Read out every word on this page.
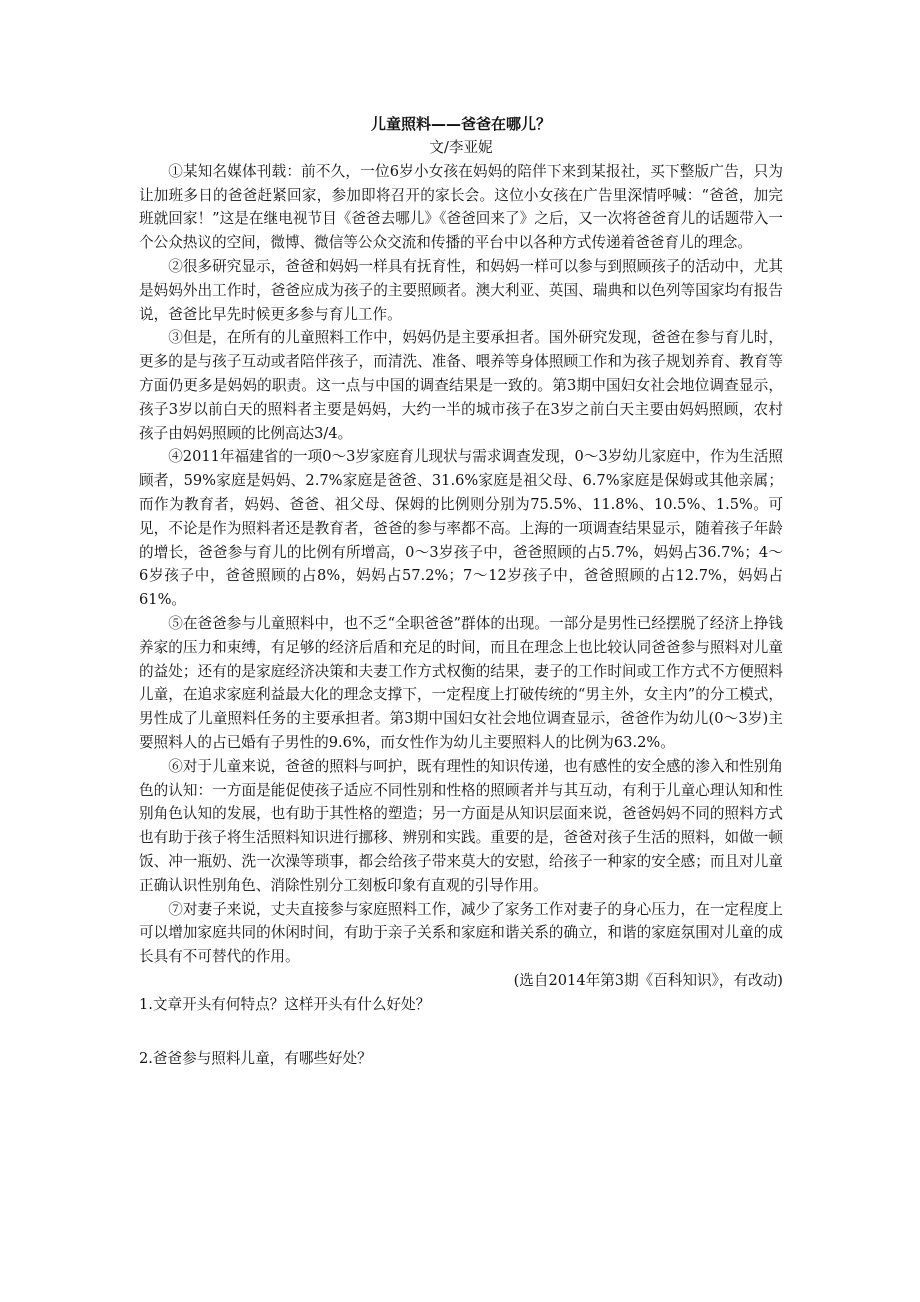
儿童照料——爸爸在哪儿？

文/李亚妮

①某知名媒体刊载：前不久，一位6岁小女孩在妈妈的陪伴下来到某报社，买下整版广告，只为让加班多日的爸爸赶紧回家，参加即将召开的家长会。这位小女孩在广告里深情呼喊：“爸爸，加完班就回家！”这是在继电视节目《爸爸去哪儿》《爸爸回来了》之后，又一次将爸爸育儿的话题带入一个公众热议的空间，微博、微信等公众交流和传播的平台中以各种方式传递着爸爸育儿的理念。

②很多研究显示，爸爸和妈妈一样具有抚育性，和妈妈一样可以参与到照顾孩子的活动中，尤其是妈妈外出工作时，爸爸应成为孩子的主要照顾者。澳大利亚、英国、瑞典和以色列等国家均有报告说，爸爸比早先时候更多参与育儿工作。

③但是，在所有的儿童照料工作中，妈妈仍是主要承担者。国外研究发现，爸爸在参与育儿时，更多的是与孩子互动或者陪伴孩子，而清洗、准备、喂养等身体照顾工作和为孩子规划养育、教育等方面仍更多是妈妈的职责。这一点与中国的调查结果是一致的。第3期中国妇女社会地位调查显示，孩子3岁以前白天的照料者主要是妈妈，大约一半的城市孩子在3岁之前白天主要由妈妈照顾，农村孩子由妈妈照顾的比例高达3/4。

④2011年福建省的一项0～3岁家庭育儿现状与需求调查发现，0～3岁幼儿家庭中，作为生活照顾者，59%家庭是妈妈、2.7%家庭是爸爸、31.6%家庭是祖父母、6.7%家庭是保姆或其他亲属；而作为教育者，妈妈、爸爸、祖父母、保姆的比例则分别为75.5%、11.8%、10.5%、1.5%。可见，不论是作为照料者还是教育者，爸爸的参与率都不高。上海的一项调查结果显示，随着孩子年龄的增长，爸爸参与育儿的比例有所增高，0～3岁孩子中，爸爸照顾的占5.7%，妈妈占36.7%；4～6岁孩子中，爸爸照顾的占8%，妈妈占57.2%；7～12岁孩子中，爸爸照顾的占12.7%，妈妈占61%。

⑤在爸爸参与儿童照料中，也不乏“全职爸爸”群体的出现。一部分是男性已经摆脱了经济上挣钱养家的压力和束缚，有足够的经济后盾和充足的时间，而且在理念上也比较认同爸爸参与照料对儿童的益处；还有的是家庭经济决策和夫妻工作方式权衡的结果，妻子的工作时间或工作方式不方便照料儿童，在追求家庭利益最大化的理念支撑下，一定程度上打破传统的“男主外，女主内”的分工模式，男性成了儿童照料任务的主要承担者。第3期中国妇女社会地位调查显示，爸爸作为幼儿(0～3岁)主要照料人的占已婚有子男性的9.6%，而女性作为幼儿主要照料人的比例为63.2%。

⑥对于儿童来说，爸爸的照料与呵护，既有理性的知识传递，也有感性的安全感的渗入和性别角色的认知：一方面是能促使孩子适应不同性别和性格的照顾者并与其互动，有利于儿童心理认知和性别角色认知的发展，也有助于其性格的塑造；另一方面是从知识层面来说，爸爸妈妈不同的照料方式也有助于孩子将生活照料知识进行挪移、辨别和实践。重要的是，爸爸对孩子生活的照料，如做一顿饭、冲一瓶奶、洗一次澡等琐事，都会给孩子带来莫大的安慰，给孩子一种家的安全感；而且对儿童正确认识性别角色、消除性别分工刻板印象有直观的引导作用。

⑦对妻子来说，丈夫直接参与家庭照料工作，减少了家务工作对妻子的身心压力，在一定程度上可以增加家庭共同的休闲时间，有助于亲子关系和家庭和谐关系的确立，和谐的家庭氛围对儿童的成长具有不可替代的作用。

(选自2014年第3期《百科知识》，有改动)

1.文章开头有何特点？这样开头有什么好处？

2.爸爸参与照料儿童，有哪些好处？
